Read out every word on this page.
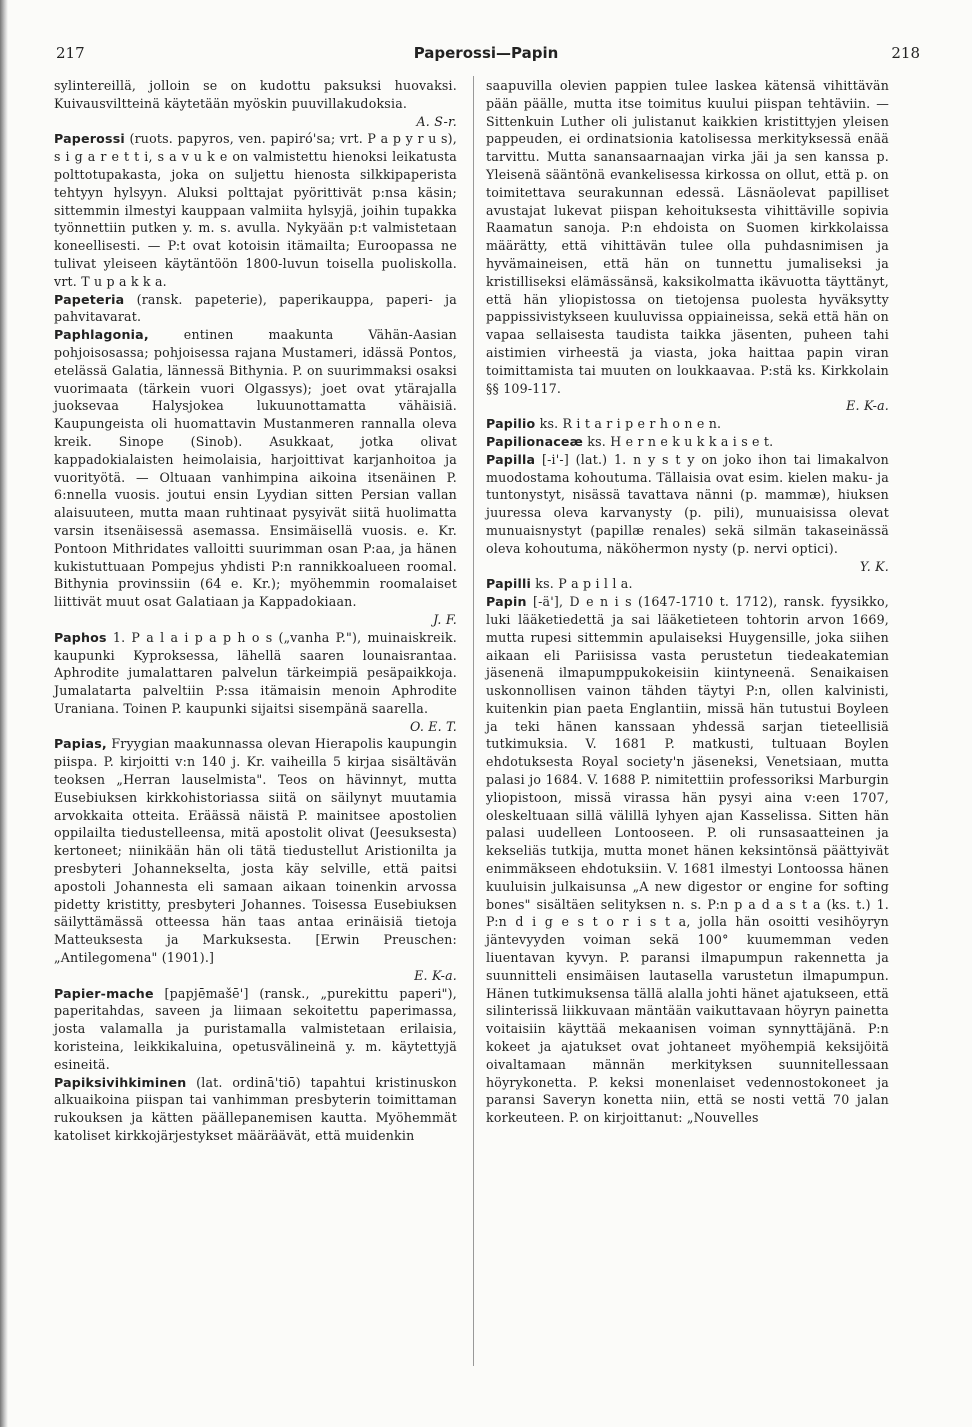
217	Paperossi—Papin	218

sylintereillä, jolloin se on kudottu paksuksi huovaksi. Kuivausviltteinä käytetään myöskin puuvillakudoksia.

A. S-r.

Paperossi (ruots. papyros, ven. papiró'sa; vrt. P a p y r u s), s i g a r e t t i, s a v u k e on valmistettu hienoksi leikatusta polttotupakasta, joka on suljettu hienosta silkkipaperista tehtyyn hylsyyn. Aluksi polttajat pyörittivät p:nsa käsin; sittemmin ilmestyi kauppaan valmiita hylsyjä, joihin tupakka työnnettiin putken y. m. s. avulla. Nykyään p:t valmistetaan koneellisesti. — P:t ovat kotoisin itämailta; Euroopassa ne tulivat yleiseen käytäntöön 1800-luvun toisella puoliskolla. vrt. T u p a k k a.

Papeteria (ransk. papeterie), paperikauppa, paperi- ja pahvitavarat.

Paphlagonia,	entinen maakunta Vähän-Aasian pohjoisosassa; pohjoisessa rajana Mustameri, idässä Pontos, etelässä Galatia, lännessä Bithynia. P. on suurimmaksi osaksi vuorimaata (tärkein vuori Olgassys); joet ovat ytärajalla juoksevaa Halysjokea lukuunottamatta vähäisiä. Kaupungeista oli huomattavin Mustanmeren rannalla oleva kreik. Sinope (Sinob). Asukkaat, jotka olivat kappadokialaisten heimolaisia, harjoittivat karjanhoitoa ja vuorityötä. — Oltuaan vanhimpina aikoina itsenäinen P. 6:nnella vuosis. joutui ensin Lyydian sitten Persian vallan alaisuuteen, mutta maan ruhtinaat pysyivät siitä huolimatta varsin itsenäisessä asemassa. Ensimäisellä vuosis. e. Kr. Pontoon Mithridates valloitti suurimman osan P:aa, ja hänen kukistuttuaan Pompejus yhdisti P:n rannikkoalueen roomal. Bithynia provinssiin (64 e. Kr.); myöhemmin roomalaiset liittivät muut osat Galatiaan ja Kappadokiaan.

J. F.

Paphos 1. P a l a i p a p h o s („vanha P."), muinaiskreik. kaupunki Kyproksessa, lähellä saaren lounaisrantaa. Aphrodite jumalattaren palvelun tärkeimpiä pesäpaikkoja. Jumalatarta palveltiin P:ssa itämaisin menoin Aphrodite Uraniana. Toinen P. kaupunki sijaitsi sisempänä saarella.

O. E. T.

Papias, Fryygian maakunnassa olevan Hierapolis kaupungin piispa. P. kirjoitti v:n 140 j. Kr. vaiheilla 5 kirjaa sisältävän teoksen „Herran lauselmista". Teos on hävinnyt, mutta Eusebiuksen kirkkohistoriassa siitä on säilynyt muutamia arvokkaita otteita. Eräässä näistä P. mainitsee apostolien oppilailta tiedustelleensa, mitä apostolit olivat (Jeesuksesta) kertoneet; niinikään hän oli tätä tiedustellut Aristionilta ja presbyteri Johannekselta, josta käy selville, että paitsi apostoli Johannesta eli samaan aikaan toinenkin arvossa pidetty kristitty, presbyteri Johannes. Toisessa Eusebiuksen säilyttämässä otteessa hän taas antaa erinäisiä tietoja Matteuksesta ja Markuksesta. [Erwin Preuschen: „Antilegomena" (1901).]

E. K-a.

Papier-mache [papjēmašē'] (ransk., „purekittu paperi"), paperitahdas, saveen ja liimaan sekoitettu paperimassa, josta valamalla ja puristamalla valmistetaan erilaisia, koristeina, leikkikaluina, opetusvälineinä y. m. käytettyjä esineitä.

Papiksivihkiminen (lat. ordinā'tiō) tapahtui kristinuskon alkuaikoina piispan tai vanhimman presbyterin toimittaman rukouksen ja kätten päällepanemisen kautta. Myöhemmät katoliset kirkkojärjestykset määräävät, että muidenkin

saapuvilla olevien pappien tulee laskea kätensä vihittävän pään päälle, mutta itse toimitus kuului piispan tehtäviin. — Sittenkuin Luther oli julistanut kaikkien kristittyjen yleisen pappeuden, ei ordinatsionia katolisessa merkityksessä enää tarvittu. Mutta sanansaarnaajan virka jäi ja sen kanssa p. Yleisenä sääntönä evankelisessa kirkossa on ollut, että p. on toimitettava seurakunnan edessä. Läsnäolevat papilliset avustajat lukevat piispan kehoituksesta vihittäville sopivia Raamatun sanoja. P:n ehdoista on Suomen kirkkolaissa määrätty, että vihittävän tulee olla puhdasnimisen ja hyvämaineisen, että hän on tunnettu jumaliseksi ja kristilliseksi elämässänsä, kaksikolmatta ikävuotta täyttänyt, että hän yliopistossa on tietojensa puolesta hyväksytty pappissivistykseen kuuluvissa oppiaineissa, sekä että hän on vapaa sellaisesta taudista taikka jäsenten, puheen tahi aistimien virheestä ja viasta, joka haittaa papin viran toimittamista tai muuten on loukkaavaa. P:stä ks. Kirkkolain §§ 109-117.

E. K-a.

Papilio ks. R i t a r i p e r h o n e n.

Papilionaceæ ks. H e r n e k u k k a i s e t.

Papilla [-i'-] (lat.) 1. n y s t y on joko ihon tai limakalvon muodostama kohoutuma. Tällaisia ovat esim. kielen maku- ja tuntonystyt, nisässä tavattava nänni (p. mammæ), hiuksen juuressa oleva karvanysty (p. pili), munuaisissa olevat munuaisnystyt (papillæ renales) sekä silmän takaseinässä oleva kohoutuma, näköhermon nysty (p. nervi optici).

Y. K.

Papilli ks. P a p i l l a.

Papin [-ä'], D e n i s (1647-1710 t. 1712), ransk. fyysikko, luki lääketiedettä ja sai lääketieteen tohtorin arvon 1669, mutta rupesi sittemmin apulaiseksi Huygensille, joka siihen aikaan eli Pariisissa vasta perustetun tiedeakatemian jäsenenä ilmapumppukokeisiin kiintyneenä. Senaikaisen uskonnollisen vainon tähden täytyi P:n, ollen kalvinisti, kuitenkin pian paeta Englantiin, missä hän tutustui Boyleen ja teki hänen kanssaan yhdessä sarjan tieteellisiä tutkimuksia. V. 1681 P. matkusti, tultuaan Boylen ehdotuksesta Royal society'n jäseneksi, Venetsiaan, mutta palasi jo 1684. V. 1688 P. nimitettiin professoriksi Marburgin yliopistoon, missä virassa hän pysyi aina v:een 1707, oleskeltuaan sillä välillä lyhyen ajan Kasselissa. Sitten hän palasi uudelleen Lontooseen. P. oli runsasaatteinen ja kekseliäs tutkija, mutta monet hänen keksintönsä päättyivät enimmäkseen ehdotuksiin. V. 1681 ilmestyi Lontoossa hänen kuuluisin julkaisunsa „A new digestor or engine for softing bones" sisältäen selityksen n. s. P:n p a d a s t a (ks. t.) 1. P:n d i g e s t o r i s t a, jolla hän osoitti vesihöyryn jäntevyyden voiman sekä 100° kuumemman veden liuentavan kyvyn. P. paransi ilmapumpun rakennetta ja suunnitteli ensimäisen lautasella varustetun ilmapumpun. Hänen tutkimuksensa tällä alalla johti hänet ajatukseen, että silinterissä liikkuvaan mäntään vaikuttavaan höyryn painetta voitaisiin käyttää mekaanisen voiman synnyttäjänä. P:n kokeet ja ajatukset ovat johtaneet myöhempiä keksijöitä oivaltamaan männän merkityksen suunnitellessaan höyrykonetta. P. keksi monenlaiset vedennostokoneet ja paransi Saveryn konetta niin, että se nosti vettä 70 jalan korkeuteen. P. on kirjoittanut: „Nouvelles
